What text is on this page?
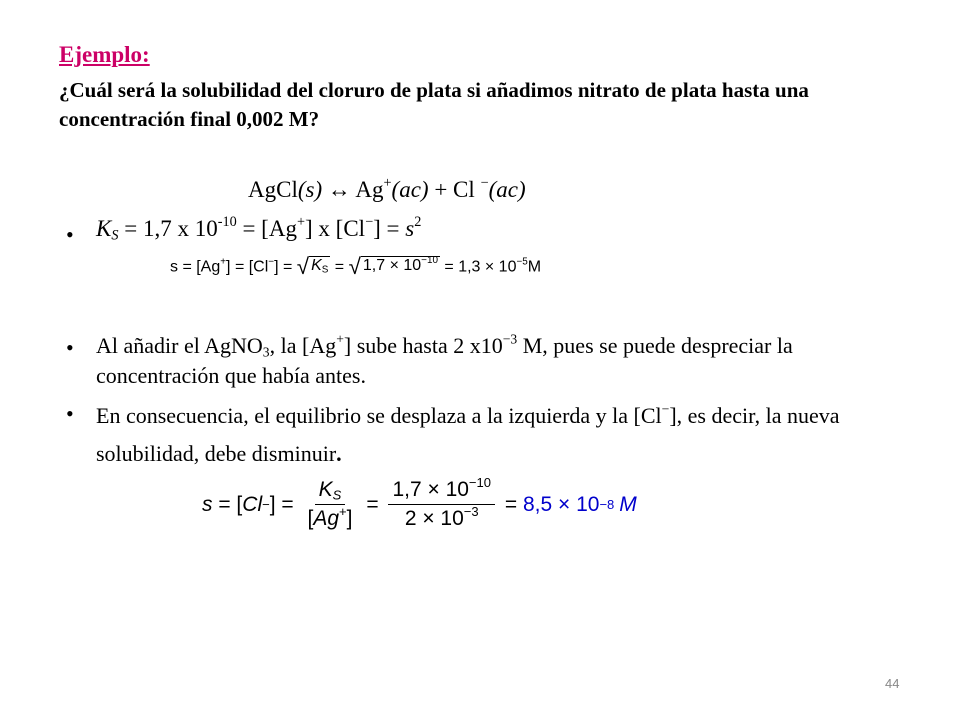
Ejemplo:
¿Cuál será la solubilidad del cloruro de plata si añadimos nitrato de plata hasta una concentración final 0,002 M?
AgCl(s) ↔ Ag+(ac) + Cl −(ac)
• $K_S = 1,7$ x $10^{-10} = [Ag^+]$ x $[Cl^-] = s^2$
s = [Ag+] = [Cl−] = √ $K_S$ = √ $1,7 \times 10^{-10} = 1,3 \times 10^{-5}M$
• Al añadir el AgNO$_3$, la [Ag+] sube hasta 2 $x10^{-3}$ M, pues se puede despreciar la concentración que había antes.
• En consecuencia, el equilibrio se desplaza a la izquierda y la [Cl−], es decir, la nueva solubilidad, debe disminuir.
s = [ Cl − ] = $\frac{K_S}{[Ag^+]} = \frac{1,7 \times 10^{-10}}{2 \times 10^{-3}} = 8,5 \times 10 -8$ M
44
